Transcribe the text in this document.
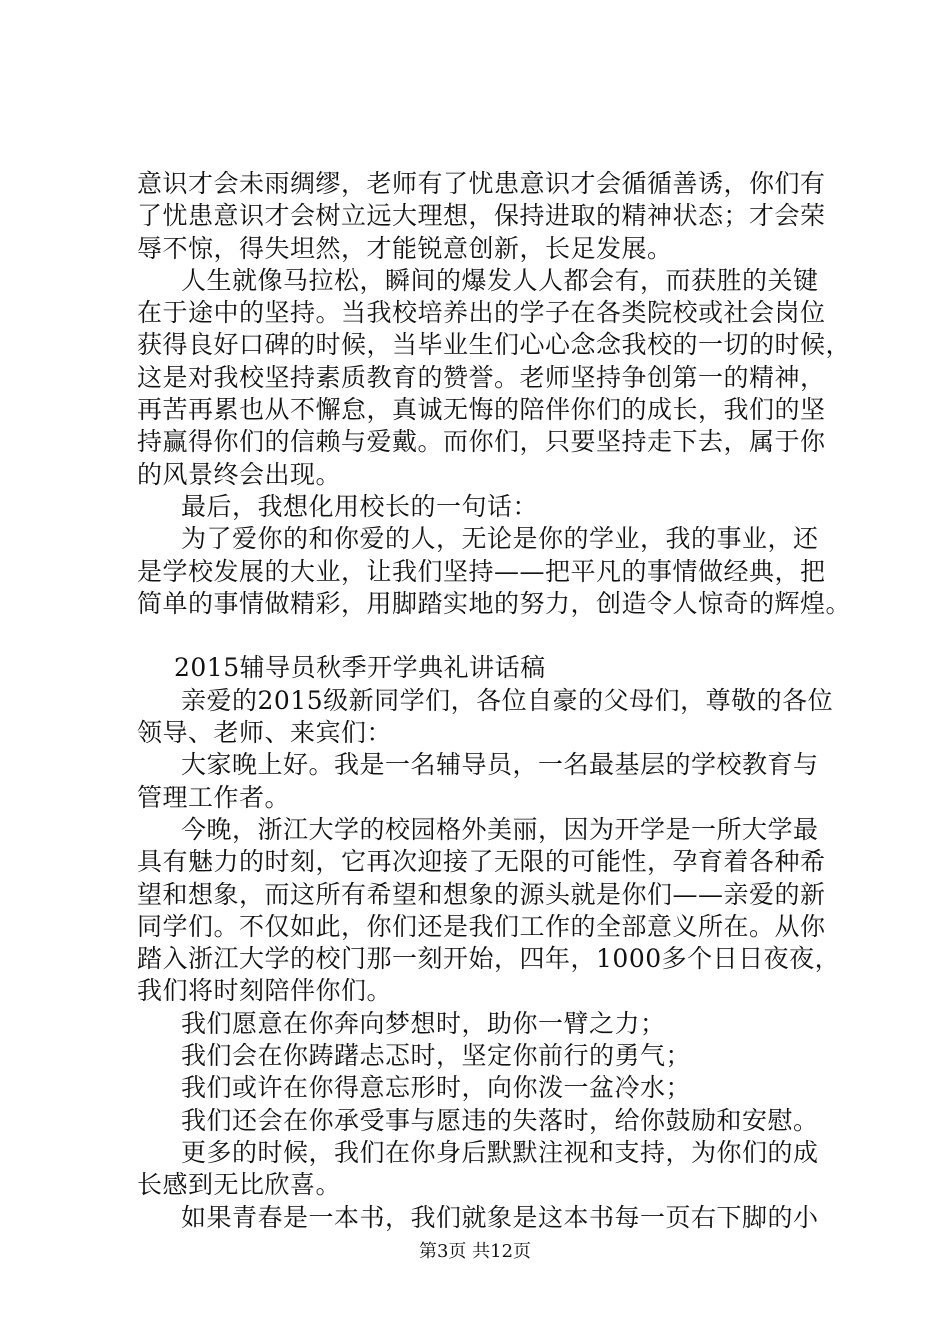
意识才会未雨绸缪，老师有了忧患意识才会循循善诱，你们有
了忧患意识才会树立远大理想，保持进取的精神状态；才会荣
辱不惊，得失坦然，才能锐意创新，长足发展。
人生就像马拉松，瞬间的爆发人人都会有，而获胜的关键
在于途中的坚持。当我校培养出的学子在各类院校或社会岗位
获得良好口碑的时候，当毕业生们心心念念我校的一切的时候，
这是对我校坚持素质教育的赞誉。老师坚持争创第一的精神，
再苦再累也从不懈怠，真诚无悔的陪伴你们的成长，我们的坚
持赢得你们的信赖与爱戴。而你们，只要坚持走下去，属于你
的风景终会出现。
最后，我想化用校长的一句话：
为了爱你的和你爱的人，无论是你的学业，我的事业，还
是学校发展的大业，让我们坚持——把平凡的事情做经典，把
简单的事情做精彩，用脚踏实地的努力，创造令人惊奇的辉煌。
2015辅导员秋季开学典礼讲话稿
亲爱的2015级新同学们，各位自豪的父母们，尊敬的各位
领导、老师、来宾们：
大家晚上好。我是一名辅导员，一名最基层的学校教育与
管理工作者。
今晚，浙江大学的校园格外美丽，因为开学是一所大学最
具有魅力的时刻，它再次迎接了无限的可能性，孕育着各种希
望和想象，而这所有希望和想象的源头就是你们——亲爱的新
同学们。不仅如此，你们还是我们工作的全部意义所在。从你
踏入浙江大学的校门那一刻开始，四年，1000多个日日夜夜，
我们将时刻陪伴你们。
我们愿意在你奔向梦想时，助你一臂之力；
我们会在你踌躇忐忑时，坚定你前行的勇气；
我们或许在你得意忘形时，向你泼一盆冷水；
我们还会在你承受事与愿违的失落时，给你鼓励和安慰。
更多的时候，我们在你身后默默注视和支持，为你们的成
长感到无比欣喜。
如果青春是一本书，我们就象是这本书每一页右下脚的小
第3页 共12页
